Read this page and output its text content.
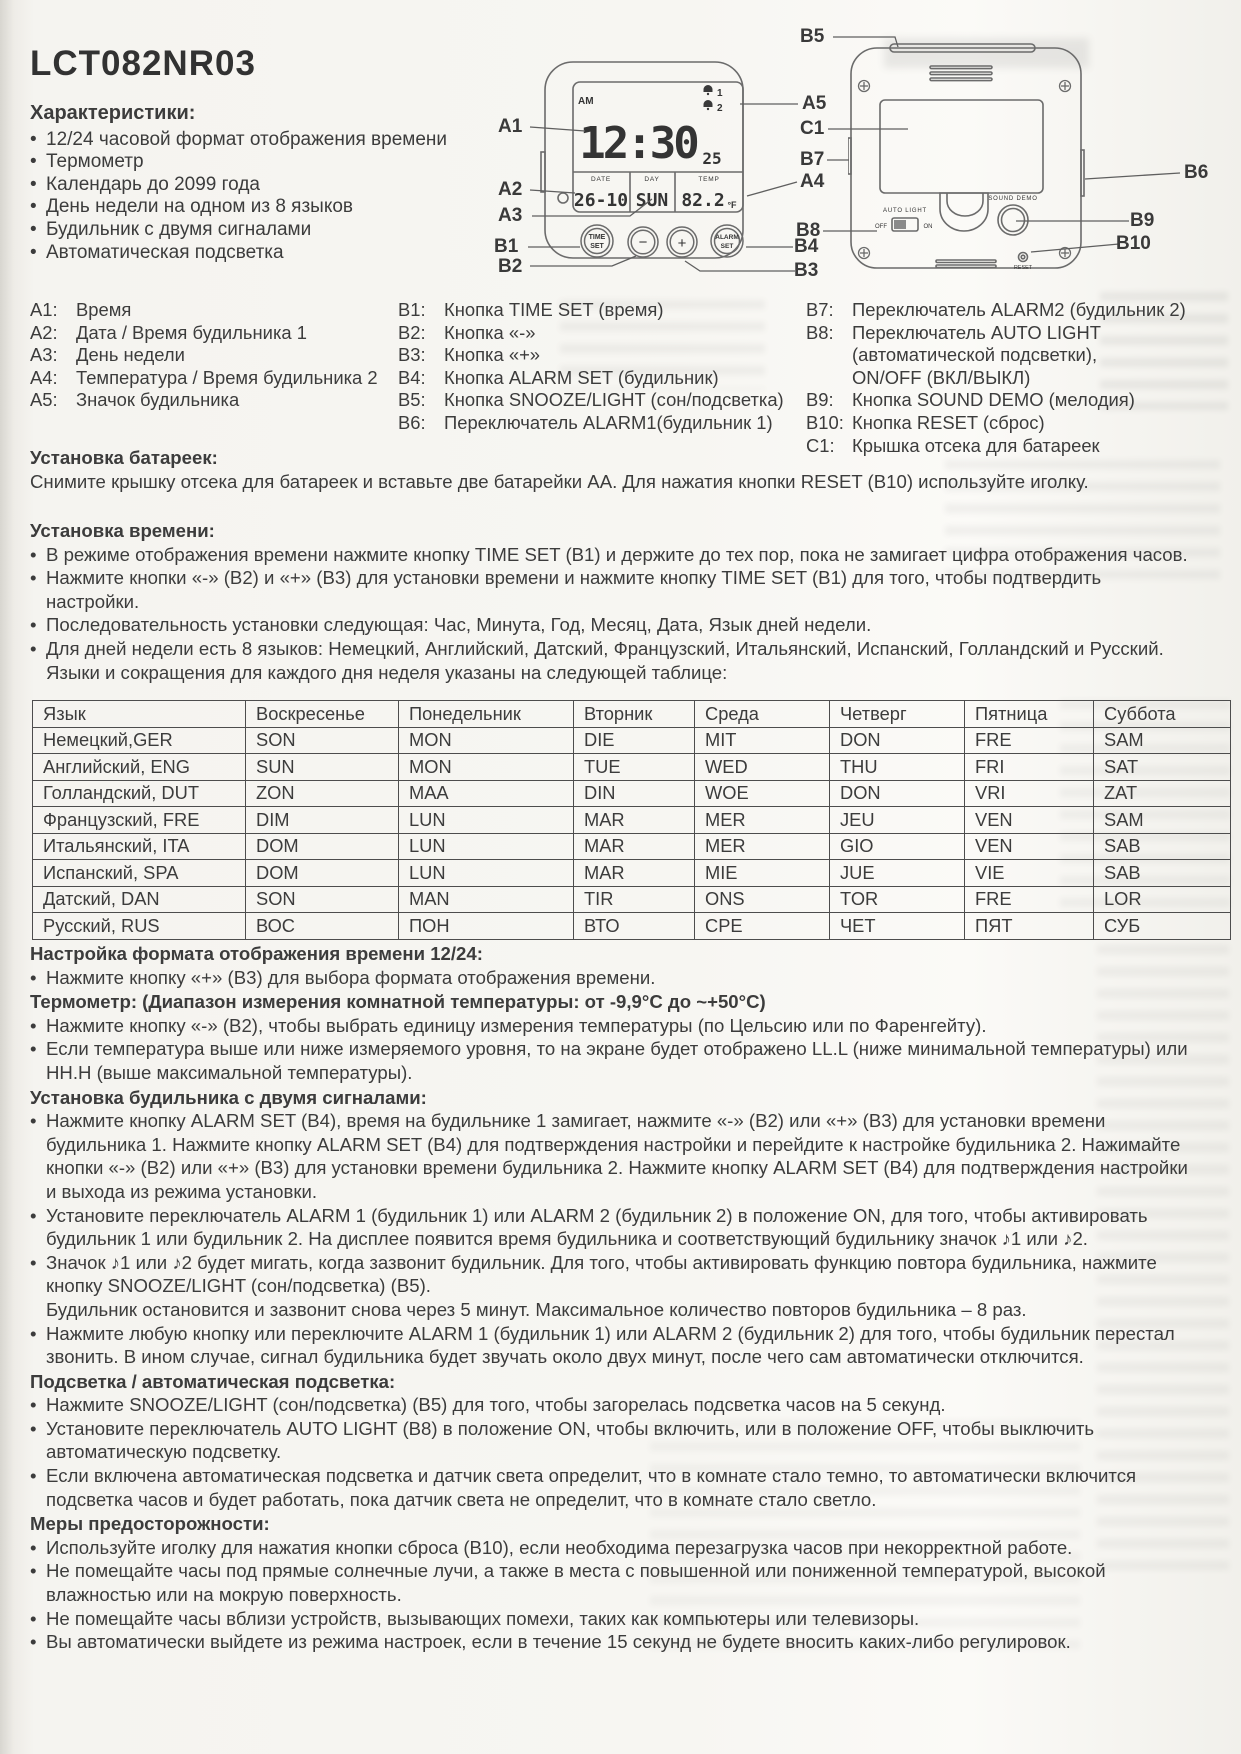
LCT082NR03
Характеристики:
• 12/24 часовой формат отображения времени
• Термометр
• Календарь до 2099 года
• День недели на одном из 8 языков
• Будильник с двумя сигналами
• Автоматическая подсветка
AM
12:30 25
1
2
DATE	DAY	TEMP
26-10 SUN 82.2 °F
TIME
SET − +	ALARM
SET
AUTO LIGHT
OFF	ON
SOUND DEMO
RESET
A1
A2
A3
B1
B2
B5
A5
C1
B7
A4
B8
B4
B3
B6
B9
B10
A1: Время
A2: Дата / Время будильника 1
A3: День недели
A4: Температура / Время будильника 2
A5: Значок будильника
B1: Кнопка TIME SET (время)
B2: Кнопка «-»
B3: Кнопка «+»
B4: Кнопка ALARM SET (будильник)
B5: Кнопка SNOOZE/LIGHT (сон/подсветка)
B6: Переключатель ALARM1(будильник 1)
B7: Переключатель ALARM2 (будильник 2)
B8: Переключатель AUTO LIGHT
(автоматической подсветки),
ON/OFF (ВКЛ/ВЫКЛ)
B9: Кнопка SOUND DEMO (мелодия)
B10: Кнопка RESET (сброс)
C1: Крышка отсека для батареек
Установка батареек:
Снимите крышку отсека для батареек и вставьте две батарейки АА. Для нажатия кнопки RESET (B10) используйте иголку.
Установка времени:
• В режиме отображения времени нажмите кнопку TIME SET (B1) и держите до тех пор, пока не замигает цифра отображения часов.
• Нажмите кнопки «-» (B2) и «+» (B3) для установки времени и нажмите кнопку TIME SET (B1) для того, чтобы подтвердить настройки.
• Последовательность установки следующая: Час, Минута, Год, Месяц, Дата, Язык дней недели.
• Для дней недели есть 8 языков: Немецкий, Английский, Датский, Французский, Итальянский, Испанский, Голландский и Русский. Языки и сокращения для каждого дня неделя указаны на следующей таблице:
Язык	Воскресенье	Понедельник	Вторник	Среда	Четверг	Пятница	Суббота
Немецкий,GER	SON	MON	DIE	MIT	DON	FRE	SAM
Английский, ENG	SUN	MON	TUE	WED	THU	FRI	SAT
Голландский, DUT	ZON	MAA	DIN	WOE	DON	VRI	ZAT
Французский, FRE	DIM	LUN	MAR	MER	JEU	VEN	SAM
Итальянский, ITA	DOM	LUN	MAR	MER	GIO	VEN	SAB
Испанский, SPA	DOM	LUN	MAR	MIE	JUE	VIE	SAB
Датский, DAN	SON	MAN	TIR	ONS	TOR	FRE	LOR
Русский, RUS	ВОС	ПОН	ВТО	СРЕ	ЧЕТ	ПЯТ	СУБ
Настройка формата отображения времени 12/24:
• Нажмите кнопку «+» (B3) для выбора формата отображения времени.
Термометр: (Диапазон измерения комнатной температуры: от -9,9°С до ~+50°С)
• Нажмите кнопку «-» (B2), чтобы выбрать единицу измерения температуры (по Цельсию или по Фаренгейту).
• Если температура выше или ниже измеряемого уровня, то на экране будет отображено LL.L (ниже минимальной температуры) или HH.H (выше максимальной температуры).
Установка будильника с двумя сигналами:
• Нажмите кнопку ALARM SET (B4), время на будильнике 1 замигает, нажмите «-» (B2) или «+» (B3) для установки времени будильника 1. Нажмите кнопку ALARM SET (B4) для подтверждения настройки и перейдите к настройке будильника 2. Нажимайте кнопки «-» (B2) или «+» (B3) для установки времени будильника 2. Нажмите кнопку ALARM SET (B4) для подтверждения настройки и выхода из режима установки.
• Установите переключатель ALARM 1 (будильник 1) или ALARM 2 (будильник 2) в положение ON, для того, чтобы активировать будильник 1 или будильник 2. На дисплее появится время будильника и соответствующий будильнику значок ♪1 или ♪2.
• Значок ♪1 или ♪2 будет мигать, когда зазвонит будильник. Для того, чтобы активировать функцию повтора будильника, нажмите кнопку SNOOZE/LIGHT (сон/подсветка) (B5).
Будильник остановится и зазвонит снова через 5 минут. Максимальное количество повторов будильника – 8 раз.
• Нажмите любую кнопку или переключите ALARM 1 (будильник 1) или ALARM 2 (будильник 2) для того, чтобы будильник перестал звонить. В ином случае, сигнал будильника будет звучать около двух минут, после чего сам автоматически отключится.
Подсветка / автоматическая подсветка:
• Нажмите SNOOZE/LIGHT (сон/подсветка) (B5) для того, чтобы загорелась подсветка часов на 5 секунд.
• Установите переключатель AUTO LIGHT (B8) в положение ON, чтобы включить, или в положение OFF, чтобы выключить автоматическую подсветку.
• Если включена автоматическая подсветка и датчик света определит, что в комнате стало темно, то автоматически включится подсветка часов и будет работать, пока датчик света не определит, что в комнате стало светло.
Меры предосторожности:
• Используйте иголку для нажатия кнопки сброса (B10), если необходима перезагрузка часов при некорректной работе.
• Не помещайте часы под прямые солнечные лучи, а также в места с повышенной или пониженной температурой, высокой влажностью или на мокрую поверхность.
• Не помещайте часы вблизи устройств, вызывающих помехи, таких как компьютеры или телевизоры.
• Вы автоматически выйдете из режима настроек, если в течение 15 секунд не будете вносить каких-либо регулировок.
